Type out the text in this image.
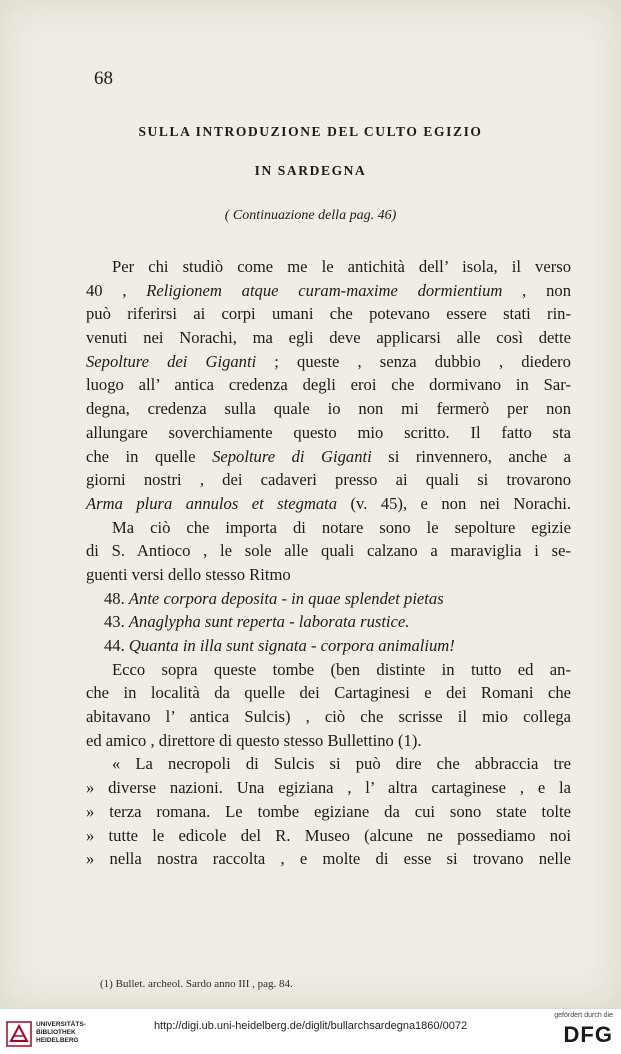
68
SULLA INTRODUZIONE DEL CULTO EGIZIO
IN SARDEGNA
( Continuazione della pag. 46)
Per chi studiò come me le antichità dell’ isola, il verso
40 , Religionem atque curam-maxime dormientium , non
può riferirsi ai corpi umani che potevano essere stati rin-
venuti nei Norachi, ma egli deve applicarsi alle così dette
Sepolture dei Giganti ; queste , senza dubbio , diedero
luogo all’ antica credenza degli eroi che dormivano in Sar-
degna, credenza sulla quale io non mi fermerò per non
allungare soverchiamente questo mio scritto. Il fatto sta
che in quelle Sepolture di Giganti si rinvennero, anche a
giorni nostri , dei cadaveri presso ai quali si trovarono
Arma plura annulos et stegmata (v. 45), e non nei Norachi.
Ma ciò che importa di notare sono le sepolture egizie
di S. Antioco , le sole alle quali calzano a maraviglia i se-
guenti versi dello stesso Ritmo
48. Ante corpora deposita - in quae splendet pietas
43. Anaglypha sunt reperta - laborata rustice.
44. Quanta in illa sunt signata - corpora animalium!
Ecco sopra queste tombe (ben distinte in tutto ed an-
che in località da quelle dei Cartaginesi e dei Romani che
abitavano l’ antica Sulcis) , ciò che scrisse il mio collega
ed amico , direttore di questo stesso Bullettino (1).
« La necropoli di Sulcis si può dire che abbraccia tre
» diverse nazioni. Una egiziana , l’ altra cartaginese , e la
» terza romana. Le tombe egiziane da cui sono state tolte
» tutte le edicole del R. Museo (alcune ne possediamo noi
» nella nostra raccolta , e molte di esse si trovano nelle
(1) Bullet. archeol. Sardo anno III , pag. 84.
UNIVERSITÄTS-
BIBLIOTHEK
HEIDELBERG
http://digi.ub.uni-heidelberg.de/diglit/bullarchsardegna1860/0072
gefördert durch die
DFG
